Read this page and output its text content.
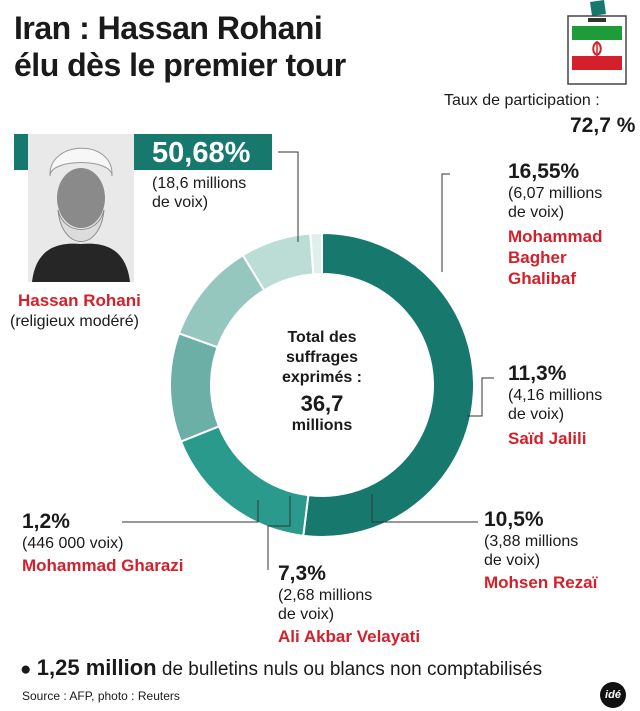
Iran : Hassan Rohani
élu dès le premier tour
Taux de participation :
72,7 %
50,68%
(18,6 millions
de voix)
Hassan Rohani
(religieux modéré)
Total des
suffrages
exprimés :
36,7
millions
16,55%
(6,07 millions
de voix)
Mohammad
Bagher
Ghalibaf
11,3%
(4,16 millions
de voix)
Saïd Jalili
10,5%
(3,88 millions
de voix)
Mohsen Rezaï
7,3%
(2,68 millions
de voix)
Ali Akbar Velayati
1,2%
(446 000 voix)
Mohammad Gharazi
● 1,25 million de bulletins nuls ou blancs non comptabilisés
Source : AFP, photo : Reuters	idé
